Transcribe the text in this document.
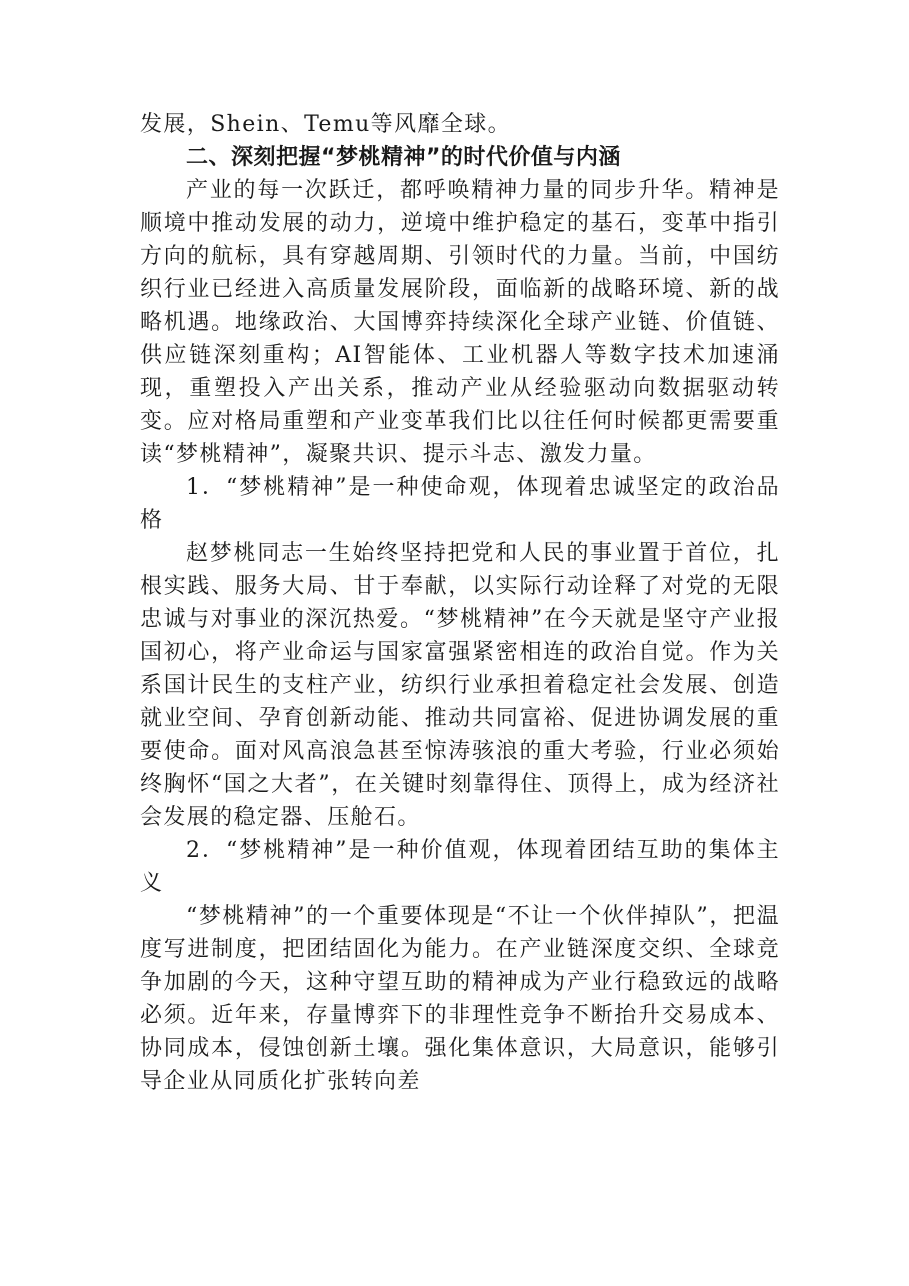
发展，Shein、Temu等风靡全球。

二、深刻把握“梦桃精神”的时代价值与内涵

产业的每一次跃迁，都呼唤精神力量的同步升华。精神是顺境中推动发展的动力，逆境中维护稳定的基石，变革中指引方向的航标，具有穿越周期、引领时代的力量。当前，中国纺织行业已经进入高质量发展阶段，面临新的战略环境、新的战略机遇。地缘政治、大国博弈持续深化全球产业链、价值链、供应链深刻重构；AI智能体、工业机器人等数字技术加速涌现，重塑投入产出关系，推动产业从经验驱动向数据驱动转变。应对格局重塑和产业变革我们比以往任何时候都更需要重读“梦桃精神”，凝聚共识、提示斗志、激发力量。

1．“梦桃精神”是一种使命观，体现着忠诚坚定的政治品格

赵梦桃同志一生始终坚持把党和人民的事业置于首位，扎根实践、服务大局、甘于奉献，以实际行动诠释了对党的无限忠诚与对事业的深沉热爱。“梦桃精神”在今天就是坚守产业报国初心，将产业命运与国家富强紧密相连的政治自觉。作为关系国计民生的支柱产业，纺织行业承担着稳定社会发展、创造就业空间、孕育创新动能、推动共同富裕、促进协调发展的重要使命。面对风高浪急甚至惊涛骇浪的重大考验，行业必须始终胸怀“国之大者”，在关键时刻靠得住、顶得上，成为经济社会发展的稳定器、压舱石。

2．“梦桃精神”是一种价值观，体现着团结互助的集体主义

“梦桃精神”的一个重要体现是“不让一个伙伴掉队”，把温度写进制度，把团结固化为能力。在产业链深度交织、全球竞争加剧的今天，这种守望互助的精神成为产业行稳致远的战略必须。近年来，存量博弈下的非理性竞争不断抬升交易成本、协同成本，侵蚀创新土壤。强化集体意识，大局意识，能够引导企业从同质化扩张转向差
